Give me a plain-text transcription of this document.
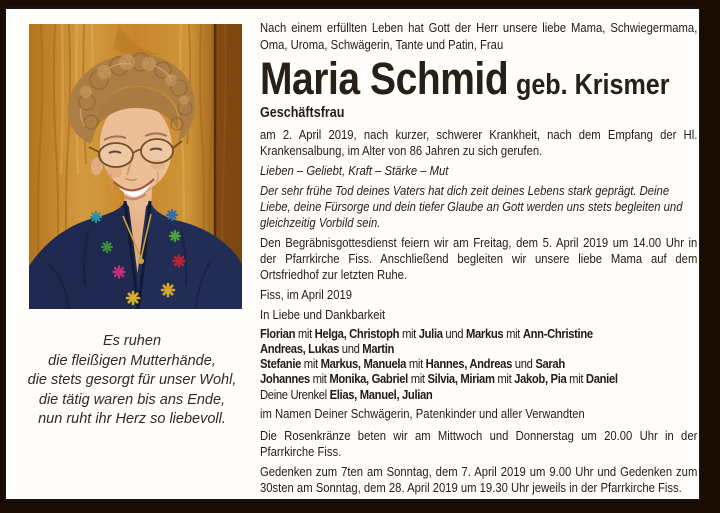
Es ruhen
die fleißigen Mutterhände,
die stets gesorgt für unser Wohl,
die tätig waren bis ans Ende,
nun ruht ihr Herz so liebevoll.

Nach einem erfüllten Leben hat Gott der Herr unsere liebe Mama, Schwiegermama, Oma, Uroma, Schwägerin, Tante und Patin, Frau

Maria Schmid geb. Krismer
Geschäftsfrau

am 2. April 2019, nach kurzer, schwerer Krankheit, nach dem Empfang der Hl. Krankensalbung, im Alter von 86 Jahren zu sich gerufen.

Lieben – Geliebt, Kraft – Stärke – Mut

Der sehr frühe Tod deines Vaters hat dich zeit deines Lebens stark geprägt. Deine Liebe, deine Fürsorge und dein tiefer Glaube an Gott werden uns stets begleiten und gleichzeitig Vorbild sein.

Den Begräbnisgottesdienst feiern wir am Freitag, dem 5. April 2019 um 14.00 Uhr in der Pfarrkirche Fiss. Anschließend begleiten wir unsere liebe Mama auf dem Ortsfriedhof zur letzten Ruhe.

Fiss, im April 2019
In Liebe und Dankbarkeit
Florian mit Helga, Christoph mit Julia und Markus mit Ann-Christine
Andreas, Lukas und Martin
Stefanie mit Markus, Manuela mit Hannes, Andreas und Sarah
Johannes mit Monika, Gabriel mit Silvia, Miriam mit Jakob, Pia mit Daniel
Deine Urenkel Elias, Manuel, Julian
im Namen Deiner Schwägerin, Patenkinder und aller Verwandten

Die Rosenkränze beten wir am Mittwoch und Donnerstag um 20.00 Uhr in der Pfarrkirche Fiss.

Gedenken zum 7ten am Sonntag, dem 7. April 2019 um 9.00 Uhr und Gedenken zum 30sten am Sonntag, dem 28. April 2019 um 19.30 Uhr jeweils in der Pfarrkirche Fiss.
